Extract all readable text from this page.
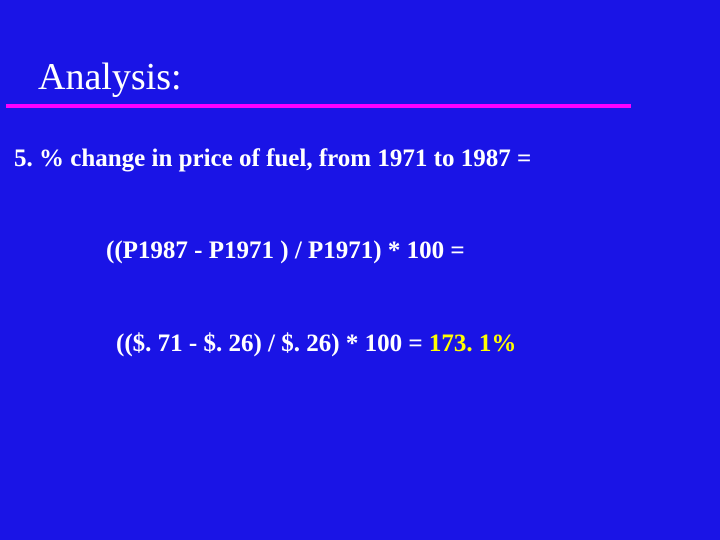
Analysis:
5. % change in price of fuel, from 1971 to 1987 =
((P1987 - P1971 ) / P1971) * 100 =
(($. 71 - $. 26) / $. 26) * 100 = 173. 1%
